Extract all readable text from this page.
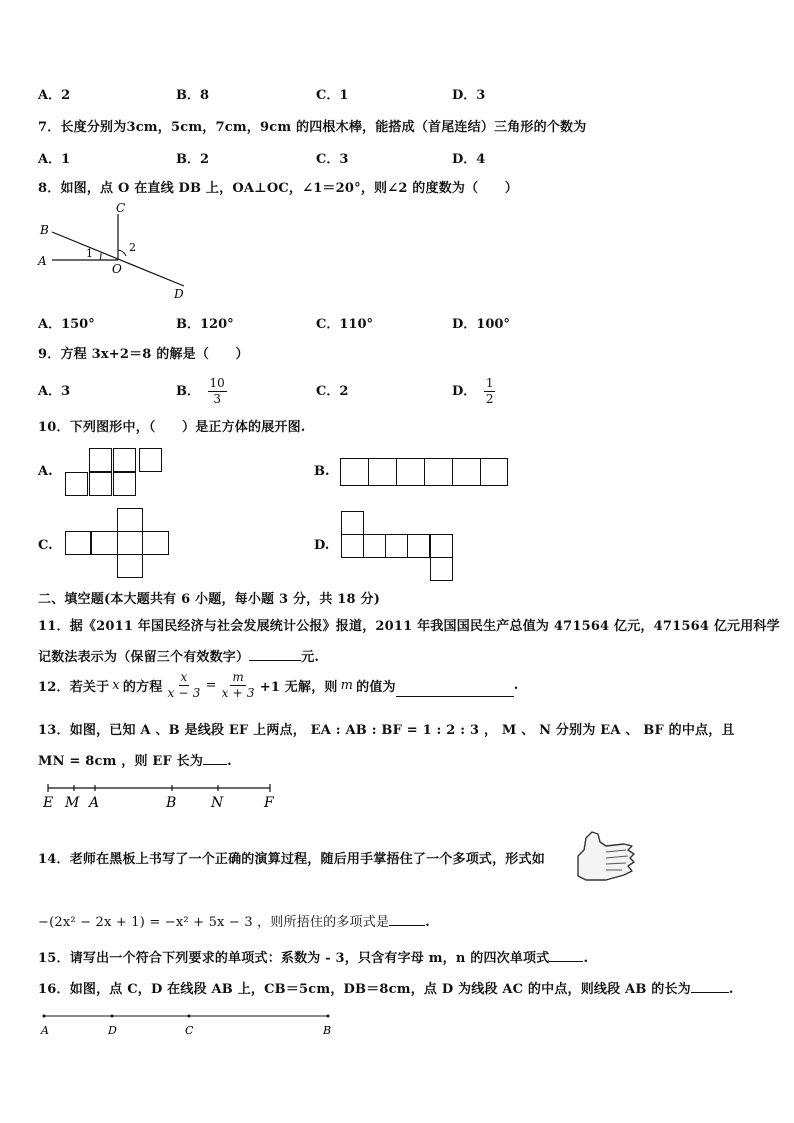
A．2	B．8	C．1	D．3
7．长度分别为3cm，5cm，7cm，9cm 的四根木棒，能搭成（首尾连结）三角形的个数为
A．1	B．2	C．3	D．4
8．如图，点 O 在直线 DB 上，OA⊥OC，∠1＝20°，则∠2 的度数为（　　）
B
C
A
O
D
1	2
A．150°	B．120°	C．110°	D．100°
9．方程 3x+2＝8 的解是（　　）
A．3	B． $\frac{10}{3}$	C．2	D． $\frac{1}{2}$
10．下列图形中，（　　）是正方体的展开图.
A.	B.
C.	D.
二、填空题(本大题共有 6 小题，每小题 3 分，共 18 分)
11．据《2011 年国民经济与社会发展统计公报》报道，2011 年我国国民生产总值为 471564 亿元，471564 亿元用科学
记数法表示为（保留三个有效数字）	元.
12．若关于 x 的方程 $\frac{x}{x - 3} = \frac{m}{x + 3} +1$ 无解，则 m 的值为	.
13．如图，已知 A 、B 是线段 EF 上两点， EA : AB : BF = 1 : 2 : 3 ， M 、 N 分别为 EA 、 BF 的中点，且
MN = 8cm ，则 EF 长为 .
E M A	B N	F
14．老师在黑板上书写了一个正确的演算过程，随后用手掌捂住了一个多项式，形式如
−(2x² − 2x + 1) = −x² + 5x − 3 ，则所捂住的多项式是	.
15．请写出一个符合下列要求的单项式：系数为 - 3，只含有字母 m，n 的四次单项式	.
16．如图，点 C，D 在线段 AB 上，CB＝5cm，DB＝8cm，点 D 为线段 AC 的中点，则线段 AB 的长为	.
A	D	C	B
